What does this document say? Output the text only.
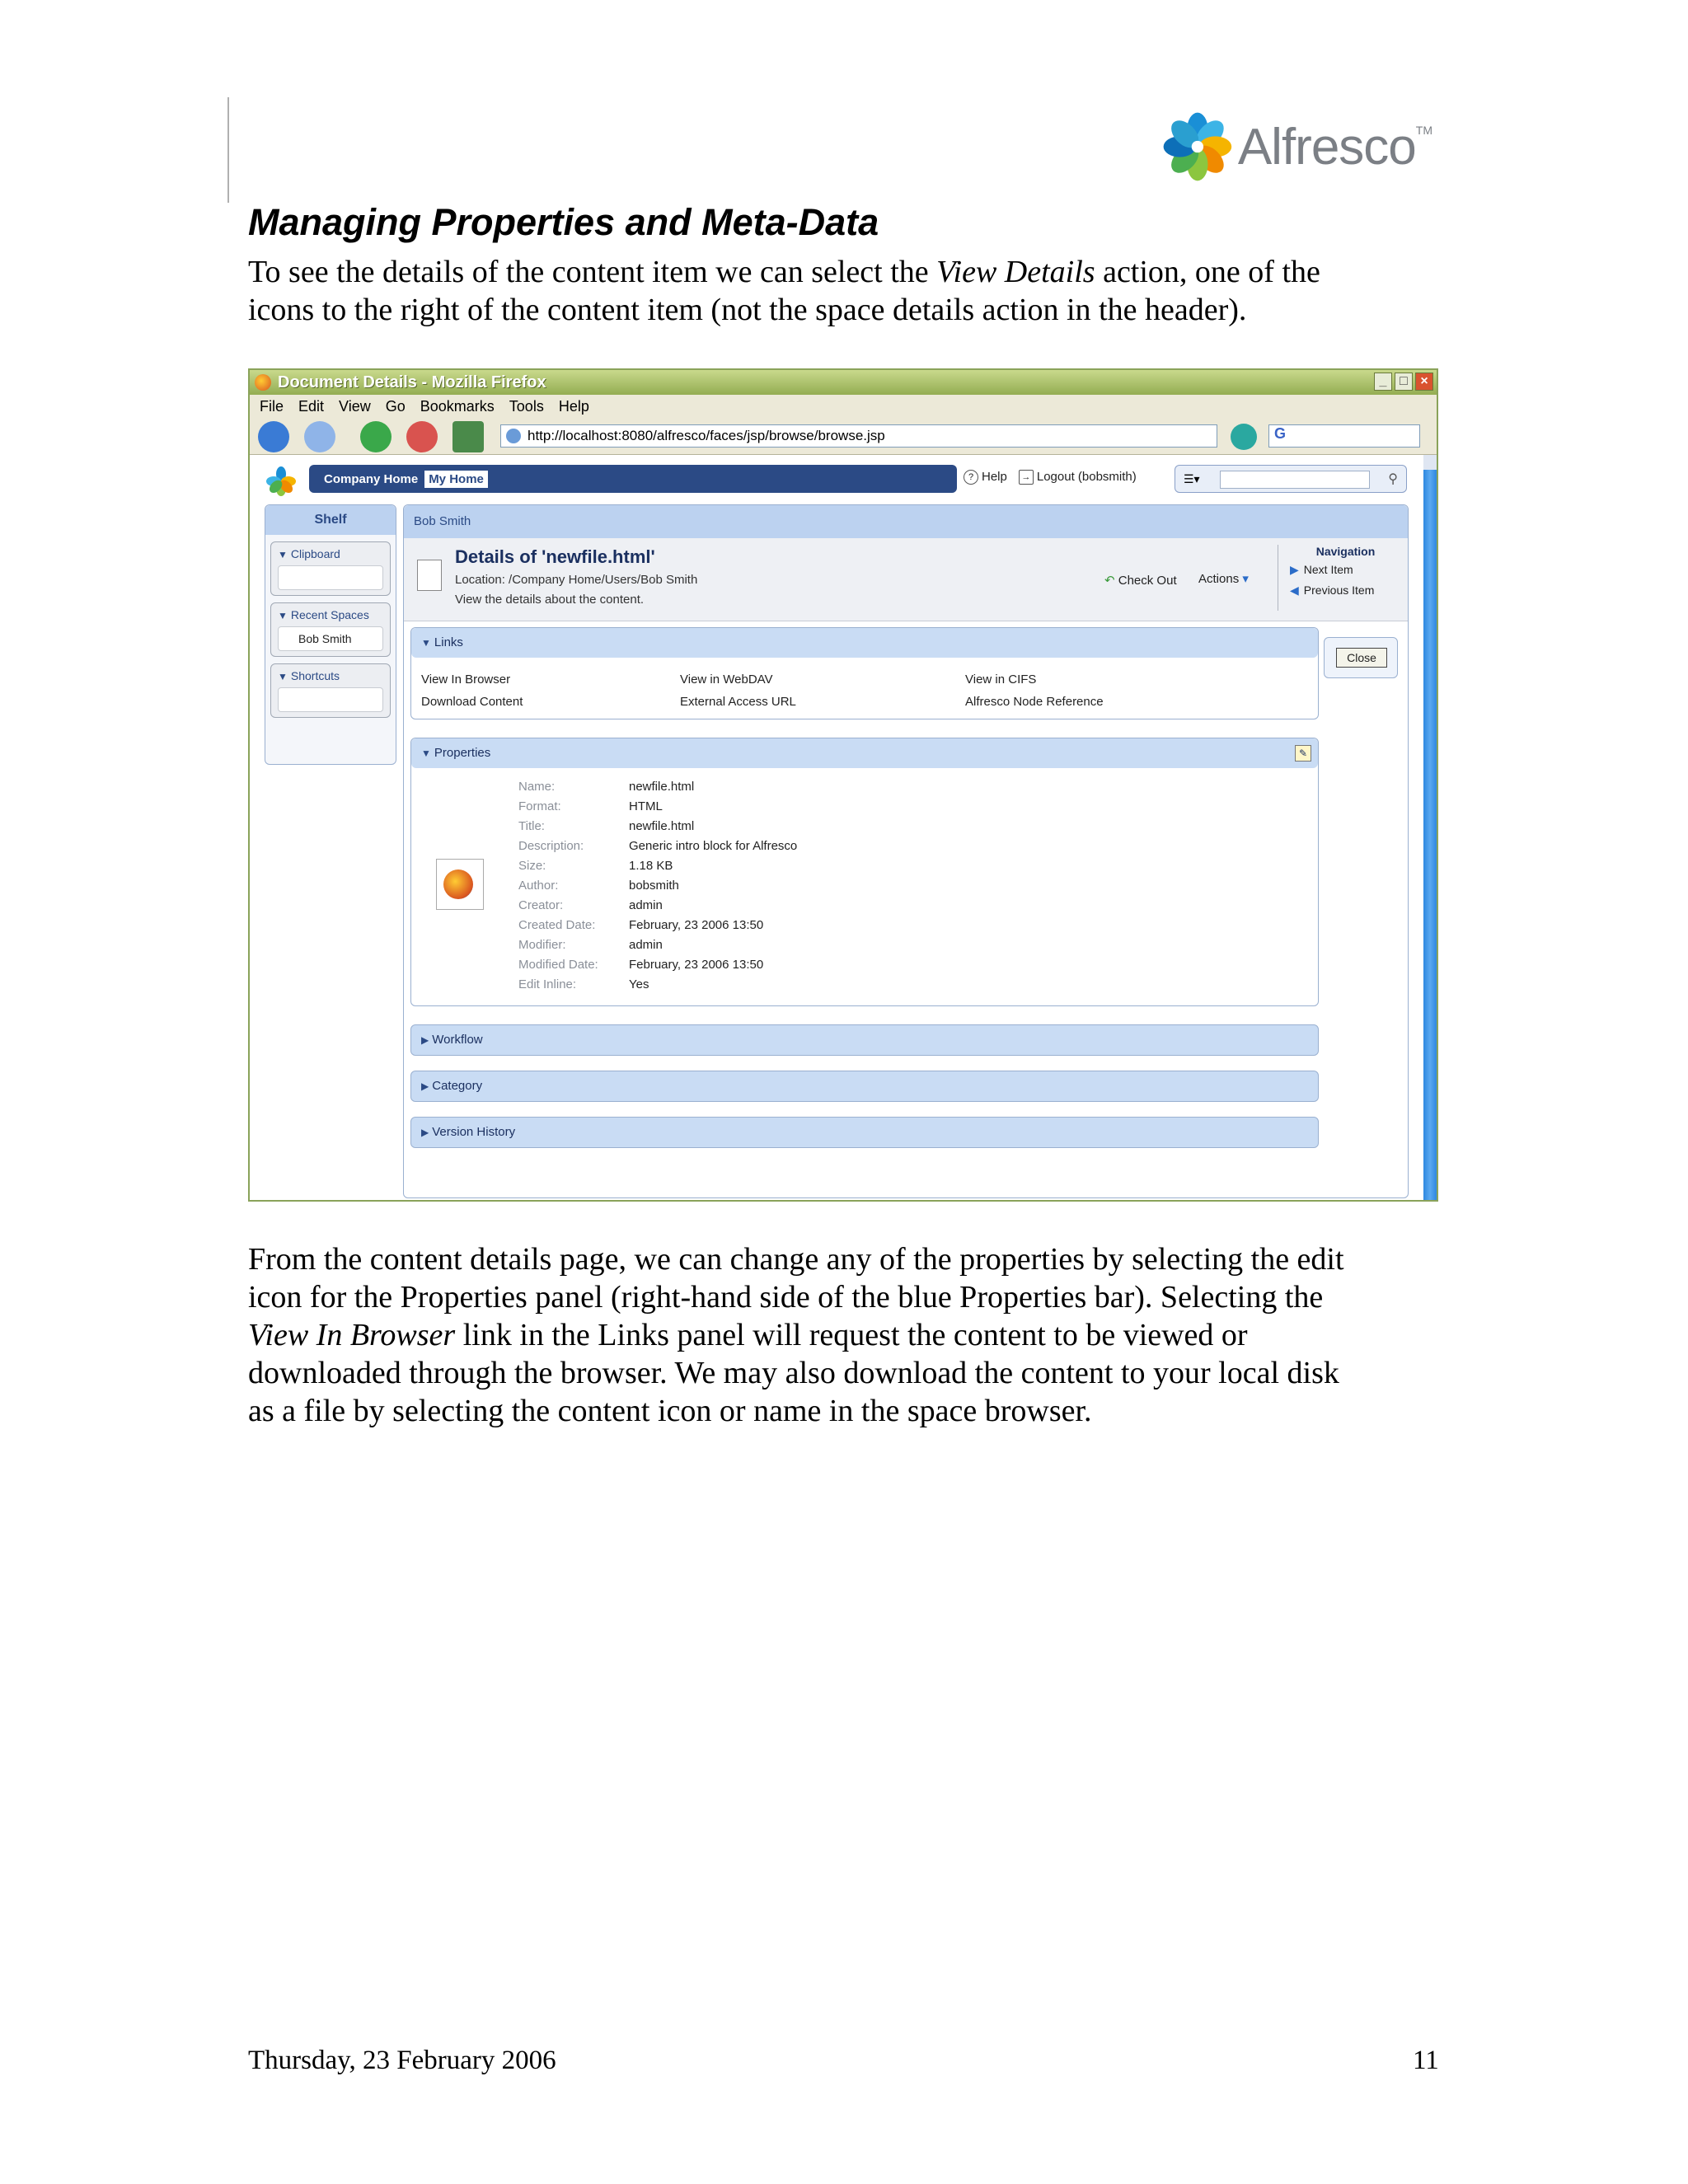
Alfresco TM
Managing Properties and Meta-Data

To see the details of the content item we can select the View Details action, one of the

icons to the right of the content item (not the space details action in the header).

Document Details - Mozilla Firefox	_ □ ×
File Edit View Go Bookmarks Tools Help
http://localhost:8080/alfresco/faces/jsp/browse/browse.jsp	G
Company Home My Home	? Help	→ Logout (bobsmith)	☰▾	⚲
Shelf
▼ Clipboard
▼ Recent Spaces
Bob Smith
▼ Shortcuts
Bob Smith
Details of 'newfile.html'
Location: /Company Home/Users/Bob Smith
View the details about the content.
↶ Check Out Actions ▾
Navigation
▶ Next Item
◀ Previous Item
▼ Links
View In Browser	View in WebDAV	View in CIFS
Download Content	External Access URL	Alfresco Node Reference
▼ Properties	✎
Name:	newfile.html
Format:	HTML
Title:	newfile.html
Description:	Generic intro block for Alfresco
Size:	1.18 KB
Author:	bobsmith
Creator:	admin
Created Date:	February, 23 2006 13:50
Modifier:	admin
Modified Date:	February, 23 2006 13:50
Edit Inline:	Yes
▶ Workflow
▶ Category
▶ Version History
Close

From the content details page, we can change any of the properties by selecting the edit

icon for the Properties panel (right-hand side of the blue Properties bar). Selecting the

View In Browser link in the Links panel will request the content to be viewed or

downloaded through the browser. We may also download the content to your local disk

as a file by selecting the content icon or name in the space browser.

Thursday, 23 February 2006	11
